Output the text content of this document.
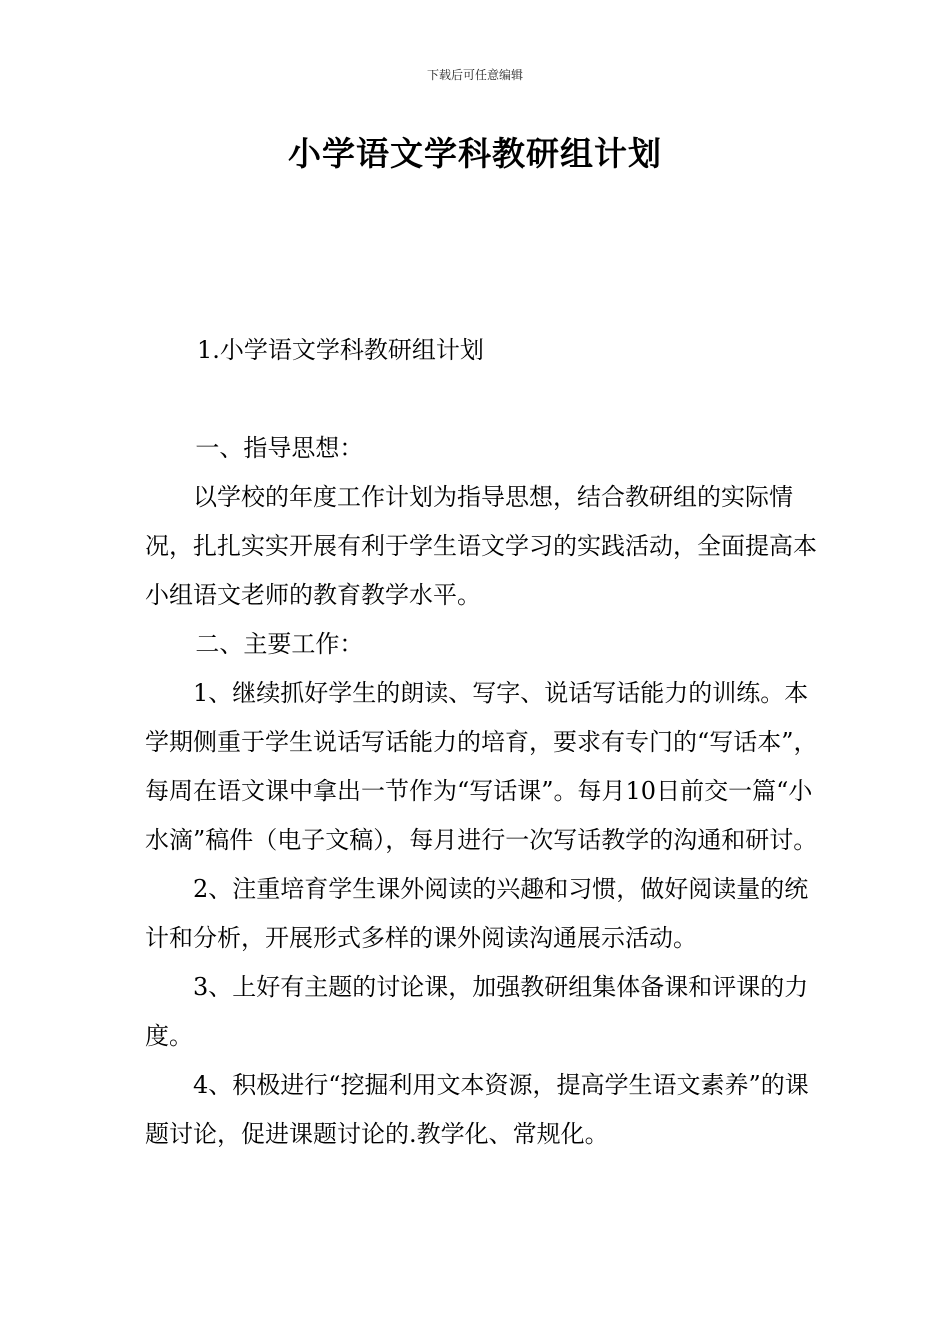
下载后可任意编辑
小学语文学科教研组计划
1.小学语文学科教研组计划

一、指导思想：

以学校的年度工作计划为指导思想，结合教研组的实际情况，扎扎实实开展有利于学生语文学习的实践活动，全面提高本小组语文老师的教育教学水平。

二、主要工作：

1、继续抓好学生的朗读、写字、说话写话能力的训练。本学期侧重于学生说话写话能力的培育，要求有专门的“写话本”，每周在语文课中拿出一节作为“写话课”。每月10日前交一篇“小水滴”稿件（电子文稿），每月进行一次写话教学的沟通和研讨。

2、注重培育学生课外阅读的兴趣和习惯，做好阅读量的统计和分析，开展形式多样的课外阅读沟通展示活动。

3、上好有主题的讨论课，加强教研组集体备课和评课的力度。

4、积极进行“挖掘利用文本资源，提高学生语文素养”的课题讨论，促进课题讨论的.教学化、常规化。
